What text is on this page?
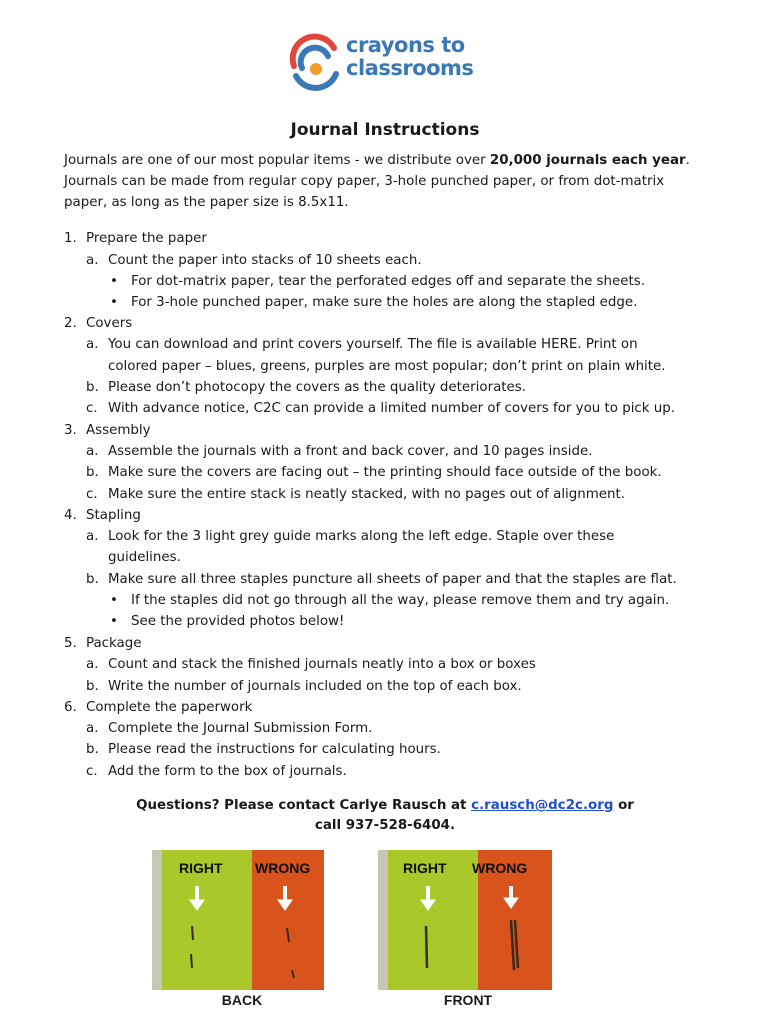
crayons to
classrooms
Journal Instructions
Journals are one of our most popular items - we distribute over 20,000 journals each year. Journals can be made from regular copy paper, 3-hole punched paper, or from dot-matrix paper, as long as the paper size is 8.5x11.
1. Prepare the paper
a. Count the paper into stacks of 10 sheets each.
• For dot-matrix paper, tear the perforated edges off and separate the sheets.
• For 3-hole punched paper, make sure the holes are along the stapled edge.
2. Covers
a. You can download and print covers yourself. The file is available HERE. Print on
colored paper – blues, greens, purples are most popular; don’t print on plain white.
b. Please don’t photocopy the covers as the quality deteriorates.
c. With advance notice, C2C can provide a limited number of covers for you to pick up.
3. Assembly
a. Assemble the journals with a front and back cover, and 10 pages inside.
b. Make sure the covers are facing out – the printing should face outside of the book.
c. Make sure the entire stack is neatly stacked, with no pages out of alignment.
4. Stapling
a. Look for the 3 light grey guide marks along the left edge. Staple over these
guidelines.
b. Make sure all three staples puncture all sheets of paper and that the staples are flat.
• If the staples did not go through all the way, please remove them and try again.
• See the provided photos below!
5. Package
a. Count and stack the finished journals neatly into a box or boxes
b. Write the number of journals included on the top of each box.
6. Complete the paperwork
a. Complete the Journal Submission Form.
b. Please read the instructions for calculating hours.
c. Add the form to the box of journals.
Questions? Please contact Carlye Rausch at c.rausch@dc2c.org or
call 937-528-6404.
RIGHT WRONG
BACK
RIGHT WRONG
FRONT
